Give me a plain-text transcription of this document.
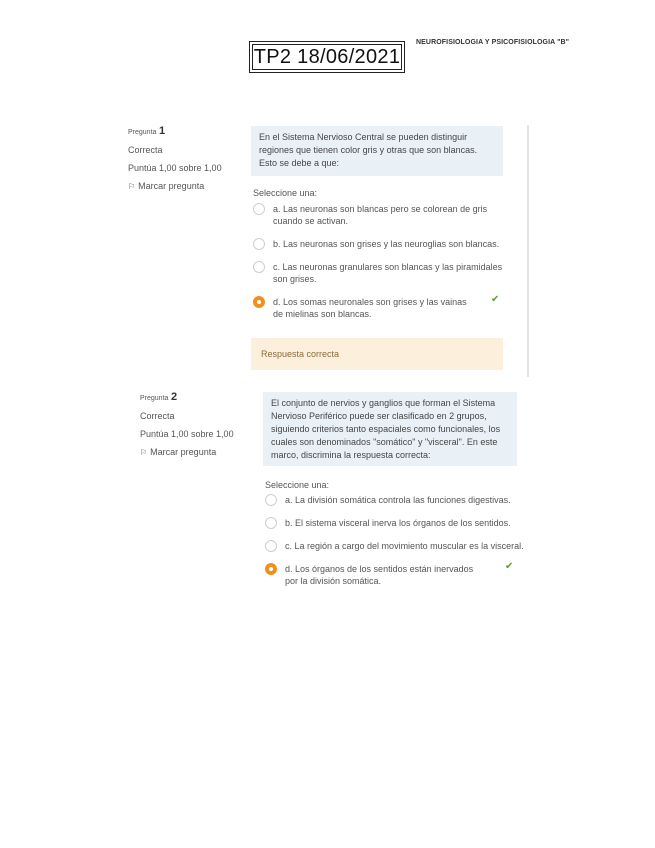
TP2 18/06/2021
NEUROFISIOLOGIA Y PSICOFISIOLOGIA "B"
Pregunta 1
Correcta
Puntúa 1,00 sobre 1,00
⚐ Marcar pregunta
En el Sistema Nervioso Central se pueden distinguir regiones que tienen color gris y otras que son blancas. Esto se debe a que:
Seleccione una:
a. Las neuronas son blancas pero se colorean de gris cuando se activan.
b. Las neuronas son grises y las neuroglias son blancas.
c. Las neuronas granulares son blancas y las piramidales son grises.
d. Los somas neuronales son grises y las vainas de mielinas son blancas.
✔
Respuesta correcta
Pregunta 2
Correcta
Puntúa 1,00 sobre 1,00
⚐ Marcar pregunta
El conjunto de nervios y ganglios que forman el Sistema Nervioso Periférico puede ser clasificado en 2 grupos, siguiendo criterios tanto espaciales como funcionales, los cuales son denominados "somático" y "visceral". En este marco, discrimina la respuesta correcta:
Seleccione una:
a. La división somática controla las funciones digestivas.
b. El sistema visceral inerva los órganos de los sentidos.
c. La región a cargo del movimiento muscular es la visceral.
d. Los órganos de los sentidos están inervados por la división somática.
✔
